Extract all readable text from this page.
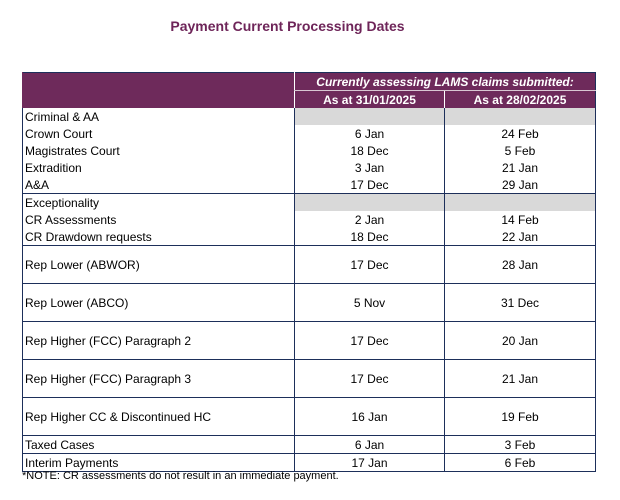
Payment Current Processing Dates
	Currently assessing LAMS claims submitted:	
	As at 31/01/2025	As at 28/02/2025
Criminal & AA		
Crown Court	6 Jan	24 Feb
Magistrates Court	18 Dec	5 Feb
Extradition	3 Jan	21 Jan
A&A	17 Dec	29 Jan
Exceptionality		
CR Assessments	2 Jan	14 Feb
CR Drawdown requests	18 Dec	22 Jan
Rep Lower (ABWOR)	17 Dec	28 Jan
Rep Lower (ABCO)	5 Nov	31 Dec
Rep Higher (FCC) Paragraph 2	17 Dec	20 Jan
Rep Higher (FCC) Paragraph 3	17 Dec	21 Jan
Rep Higher CC & Discontinued HC	16 Jan	19 Feb
Taxed Cases	6 Jan	3 Feb
Interim Payments	17 Jan	6 Feb
*NOTE: CR assessments do not result in an immediate payment.
